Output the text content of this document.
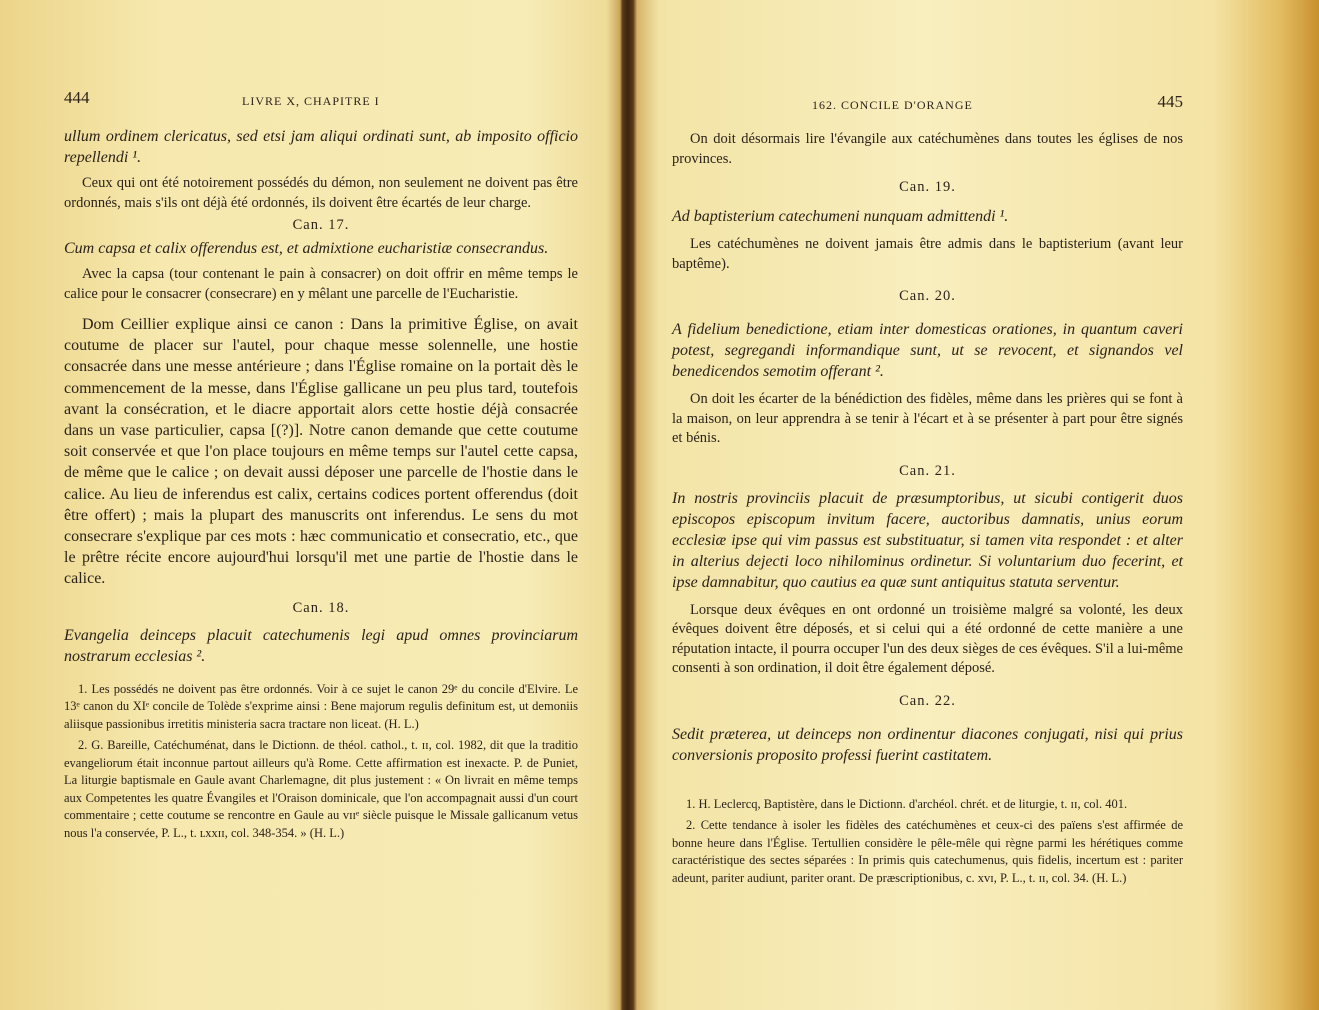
444	LIVRE X, CHAPITRE I

ullum ordinem clericatus, sed etsi jam aliqui ordinati sunt, ab imposito officio repellendi ¹.

Ceux qui ont été notoirement possédés du démon, non seulement ne doivent pas être ordonnés, mais s'ils ont déjà été ordonnés, ils doivent être écartés de leur charge.

Can. 17.

Cum capsa et calix offerendus est, et admixtione eucharistiæ consecrandus.

Avec la capsa (tour contenant le pain à consacrer) on doit offrir en même temps le calice pour le consacrer (consecrare) en y mêlant une parcelle de l'Eucharistie.

Dom Ceillier explique ainsi ce canon : Dans la primitive Église, on avait coutume de placer sur l'autel, pour chaque messe solennelle, une hostie consacrée dans une messe antérieure ; dans l'Église romaine on la portait dès le commencement de la messe, dans l'Église gallicane un peu plus tard, toutefois avant la consécration, et le diacre apportait alors cette hostie déjà consacrée dans un vase particulier, capsa [(?)]. Notre canon demande que cette coutume soit conservée et que l'on place toujours en même temps sur l'autel cette capsa, de même que le calice ; on devait aussi déposer une parcelle de l'hostie dans le calice. Au lieu de inferendus est calix, certains codices portent offerendus (doit être offert) ; mais la plupart des manuscrits ont inferendus. Le sens du mot consecrare s'explique par ces mots : hæc communicatio et consecratio, etc., que le prêtre récite encore aujourd'hui lorsqu'il met une partie de l'hostie dans le calice.

Can. 18.

Evangelia deinceps placuit catechumenis legi apud omnes provinciarum nostrarum ecclesias ².

1. Les possédés ne doivent pas être ordonnés. Voir à ce sujet le canon 29ᵉ du concile d'Elvire. Le 13ᵉ canon du XIᵉ concile de Tolède s'exprime ainsi : Bene majorum regulis definitum est, ut demoniis aliisque passionibus irretitis ministeria sacra tractare non liceat. (H. L.)

2. G. Bareille, Catéchuménat, dans le Dictionn. de théol. cathol., t. ɪɪ, col. 1982, dit que la traditio evangeliorum était inconnue partout ailleurs qu'à Rome. Cette affirmation est inexacte. P. de Puniet, La liturgie baptismale en Gaule avant Charlemagne, dit plus justement : « On livrait en même temps aux Competentes les quatre Évangiles et l'Oraison dominicale, que l'on accompagnait aussi d'un court commentaire ; cette coutume se rencontre en Gaule au vɪɪᵉ siècle puisque le Missale gallicanum vetus nous l'a conservée, P. L., t. ʟxxɪɪ, col. 348-354. » (H. L.)

162. CONCILE D'ORANGE	445

On doit désormais lire l'évangile aux catéchumènes dans toutes les églises de nos provinces.

Can. 19.

Ad baptisterium catechumeni nunquam admittendi ¹.

Les catéchumènes ne doivent jamais être admis dans le baptisterium (avant leur baptême).

Can. 20.

A fidelium benedictione, etiam inter domesticas orationes, in quantum caveri potest, segregandi informandique sunt, ut se revocent, et signandos vel benedicendos semotim offerant ².

On doit les écarter de la bénédiction des fidèles, même dans les prières qui se font à la maison, on leur apprendra à se tenir à l'écart et à se présenter à part pour être signés et bénis.

Can. 21.

In nostris provinciis placuit de præsumptoribus, ut sicubi contigerit duos episcopos episcopum invitum facere, auctoribus damnatis, unius eorum ecclesiæ ipse qui vim passus est substituatur, si tamen vita respondet : et alter in alterius dejecti loco nihilominus ordinetur. Si voluntarium duo fecerint, et ipse damnabitur, quo cautius ea quæ sunt antiquitus statuta serventur.

Lorsque deux évêques en ont ordonné un troisième malgré sa volonté, les deux évêques doivent être déposés, et si celui qui a été ordonné de cette manière a une réputation intacte, il pourra occuper l'un des deux sièges de ces évêques. S'il a lui-même consenti à son ordination, il doit être également déposé.

Can. 22.

Sedit præterea, ut deinceps non ordinentur diacones conjugati, nisi qui prius conversionis proposito professi fuerint castitatem.

1. H. Leclercq, Baptistère, dans le Dictionn. d'archéol. chrét. et de liturgie, t. ɪɪ, col. 401.

2. Cette tendance à isoler les fidèles des catéchumènes et ceux-ci des païens s'est affirmée de bonne heure dans l'Église. Tertullien considère le pêle-mêle qui règne parmi les hérétiques comme caractéristique des sectes séparées : In primis quis catechumenus, quis fidelis, incertum est : pariter adeunt, pariter audiunt, pariter orant. De præscriptionibus, c. xvɪ, P. L., t. ɪɪ, col. 34. (H. L.)
